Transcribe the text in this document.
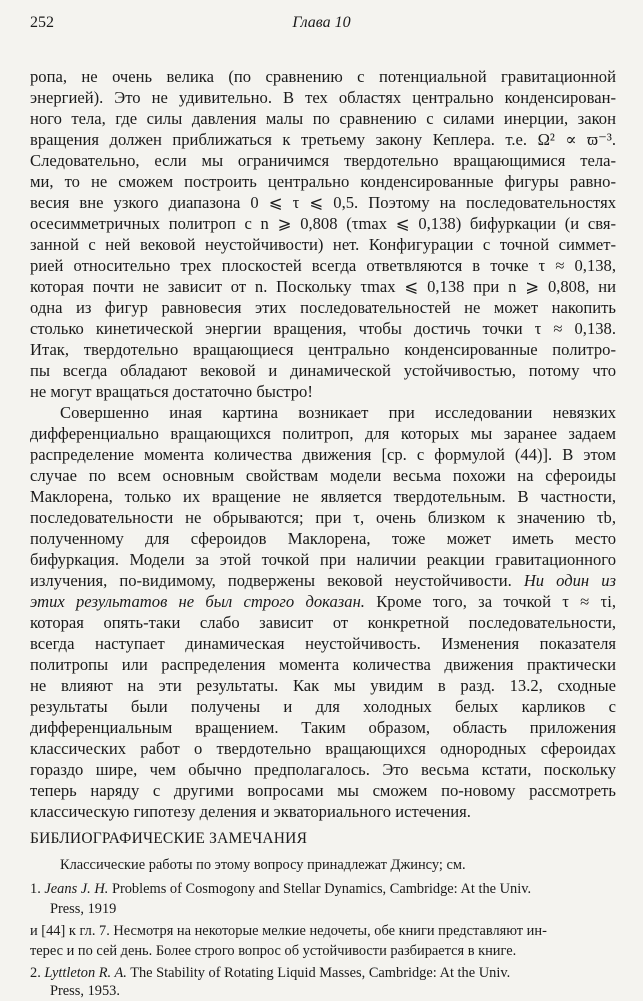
252	Глава 10
ропа, не очень велика (по сравнению с потенциальной гравитационной
энергией). Это не удивительно. В тех областях центрально конденсирован-
ного тела, где силы давления малы по сравнению с силами инерции, закон
вращения должен приближаться к третьему закону Кеплера. т.е. Ω² ∝ ϖ⁻³.
Следовательно, если мы ограничимся твердотельно вращающимися тела-
ми, то не сможем построить центрально конденсированные фигуры равно-
весия вне узкого диапазона 0 ⩽ τ ⩽ 0,5. Поэтому на последовательностях
осесимметричных политроп с n ⩾ 0,808 (τmax ⩽ 0,138) бифуркации (и свя-
занной с ней вековой неустойчивости) нет. Конфигурации с точной симмет-
рией относительно трех плоскостей всегда ответвляются в точке τ ≈ 0,138,
которая почти не зависит от n. Поскольку τmax ⩽ 0,138 при n ⩾ 0,808, ни
одна из фигур равновесия этих последовательностей не может накопить
столько кинетической энергии вращения, чтобы достичь точки τ ≈ 0,138.
Итак, твердотельно вращающиеся центрально конденсированные политро-
пы всегда обладают вековой и динамической устойчивостью, потому что
не могут вращаться достаточно быстро!
Совершенно иная картина возникает при исследовании невязких
дифференциально вращающихся политроп, для которых мы заранее задаем
распределение момента количества движения [ср. с формулой (44)]. В этом
случае по всем основным свойствам модели весьма похожи на сфероиды
Маклорена, только их вращение не является твердотельным. В частности,
последовательности не обрываются; при τ, очень близком к значению τb,
полученному для сфероидов Маклорена, тоже может иметь место
бифуркация. Модели за этой точкой при наличии реакции гравитационного
излучения, по-видимому, подвержены вековой неустойчивости. Ни один из
этих результатов не был строго доказан. Кроме того, за точкой τ ≈ τi,
которая опять-таки слабо зависит от конкретной последовательности,
всегда наступает динамическая неустойчивость. Изменения показателя
политропы или распределения момента количества движения практически
не влияют на эти результаты. Как мы увидим в разд. 13.2, сходные
результаты были получены и для холодных белых карликов с
дифференциальным вращением. Таким образом, область приложения
классических работ о твердотельно вращающихся однородных сфероидах
гораздо шире, чем обычно предполагалось. Это весьма кстати, поскольку
теперь наряду с другими вопросами мы сможем по-новому рассмотреть
классическую гипотезу деления и экваториального истечения.
БИБЛИОГРАФИЧЕСКИЕ ЗАМЕЧАНИЯ
Классические работы по этому вопросу принадлежат Джинсу; см.
1. Jeans J. H. Problems of Cosmogony and Stellar Dynamics, Cambridge: At the Univ.
Press, 1919
и [44] к гл. 7. Несмотря на некоторые мелкие недочеты, обе книги представляют ин-
терес и по сей день. Более строго вопрос об устойчивости разбирается в книге.
2. Lyttleton R. A. The Stability of Rotating Liquid Masses, Cambridge: At the Univ.
Press, 1953.
